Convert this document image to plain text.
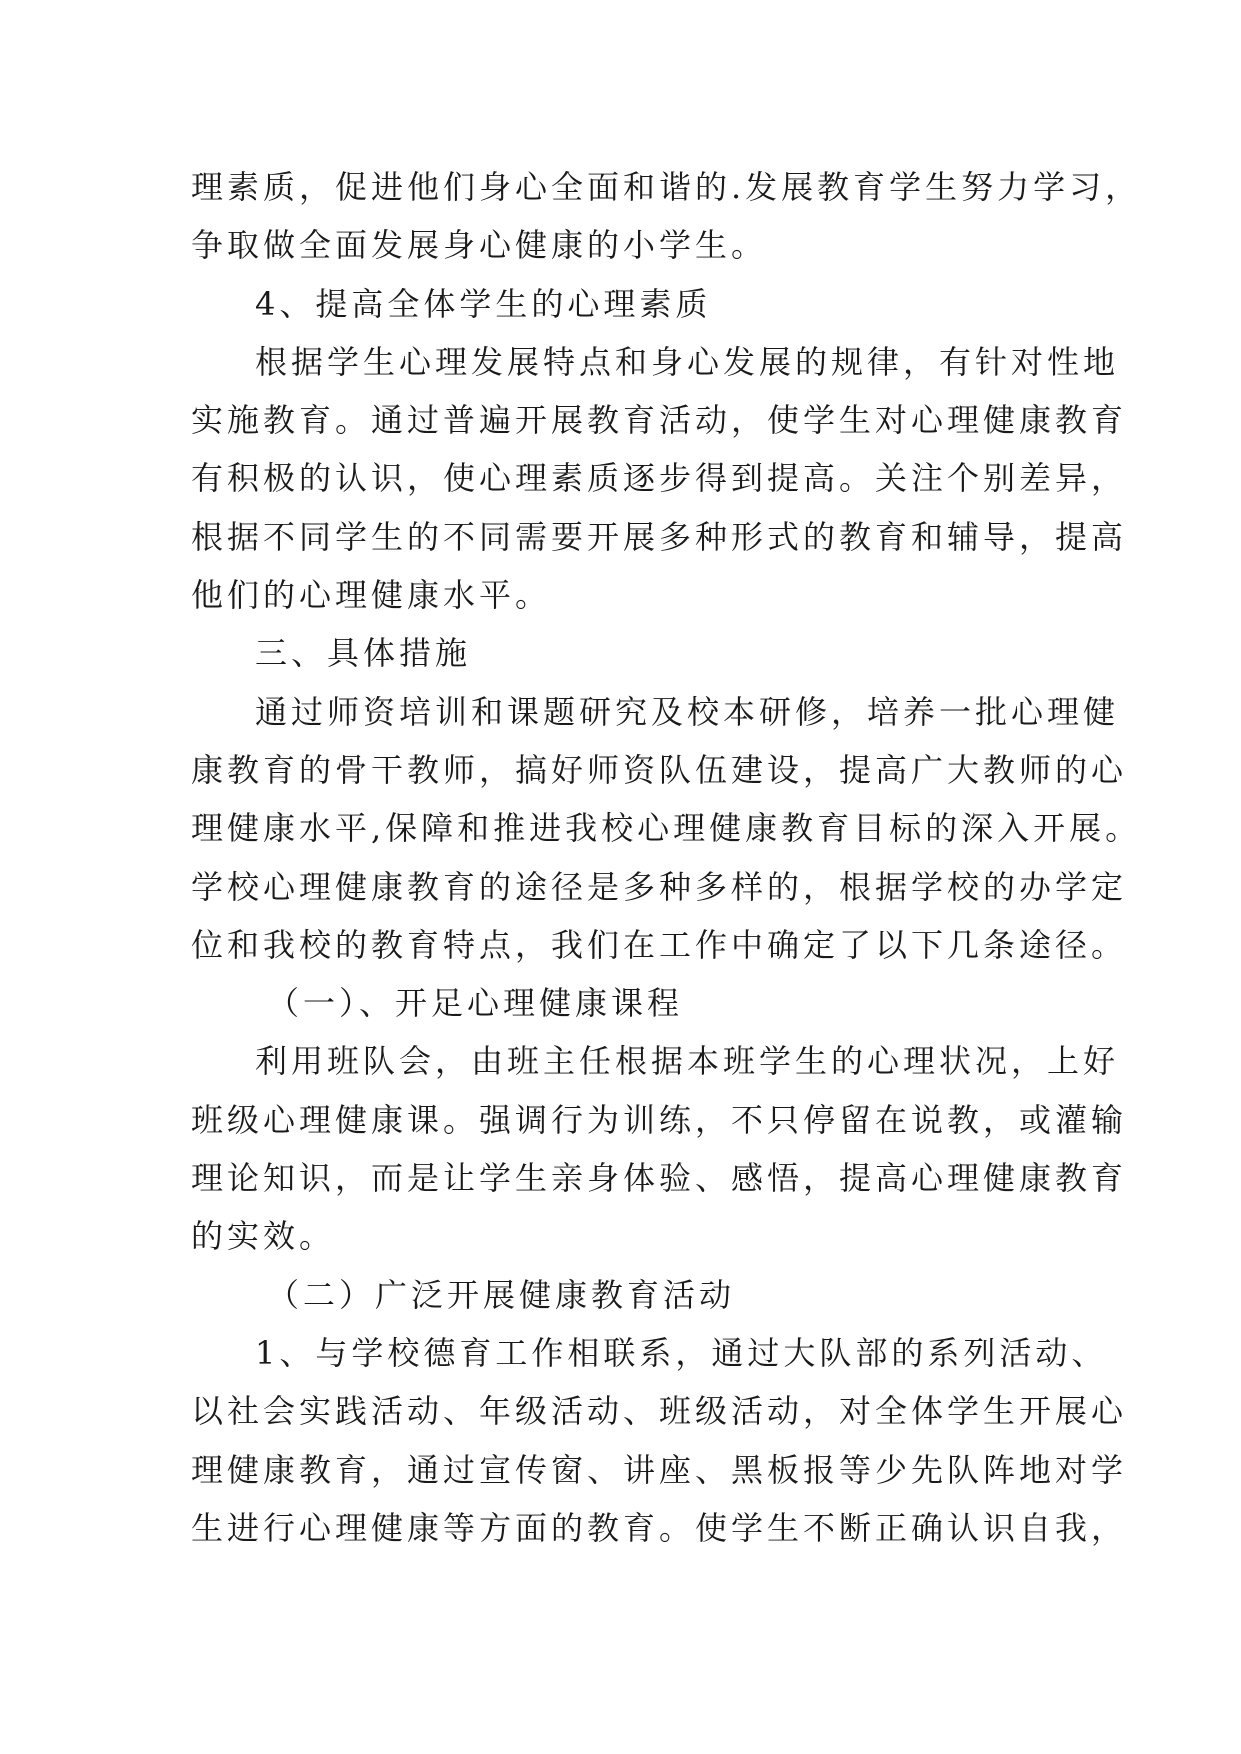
理素质，促进他们身心全面和谐的.发展教育学生努力学习，
争取做全面发展身心健康的小学生。
4、提高全体学生的心理素质
根据学生心理发展特点和身心发展的规律，有针对性地
实施教育。通过普遍开展教育活动，使学生对心理健康教育
有积极的认识，使心理素质逐步得到提高。关注个别差异，
根据不同学生的不同需要开展多种形式的教育和辅导，提高
他们的心理健康水平。
三、具体措施
通过师资培训和课题研究及校本研修，培养一批心理健
康教育的骨干教师，搞好师资队伍建设，提高广大教师的心
理健康水平,保障和推进我校心理健康教育目标的深入开展。
学校心理健康教育的途径是多种多样的，根据学校的办学定
位和我校的教育特点，我们在工作中确定了以下几条途径。
（一）、开足心理健康课程
利用班队会，由班主任根据本班学生的心理状况，上好
班级心理健康课。强调行为训练，不只停留在说教，或灌输
理论知识，而是让学生亲身体验、感悟，提高心理健康教育
的实效。
（二）广泛开展健康教育活动
1、与学校德育工作相联系，通过大队部的系列活动、
以社会实践活动、年级活动、班级活动，对全体学生开展心
理健康教育，通过宣传窗、讲座、黑板报等少先队阵地对学
生进行心理健康等方面的教育。使学生不断正确认识自我，
